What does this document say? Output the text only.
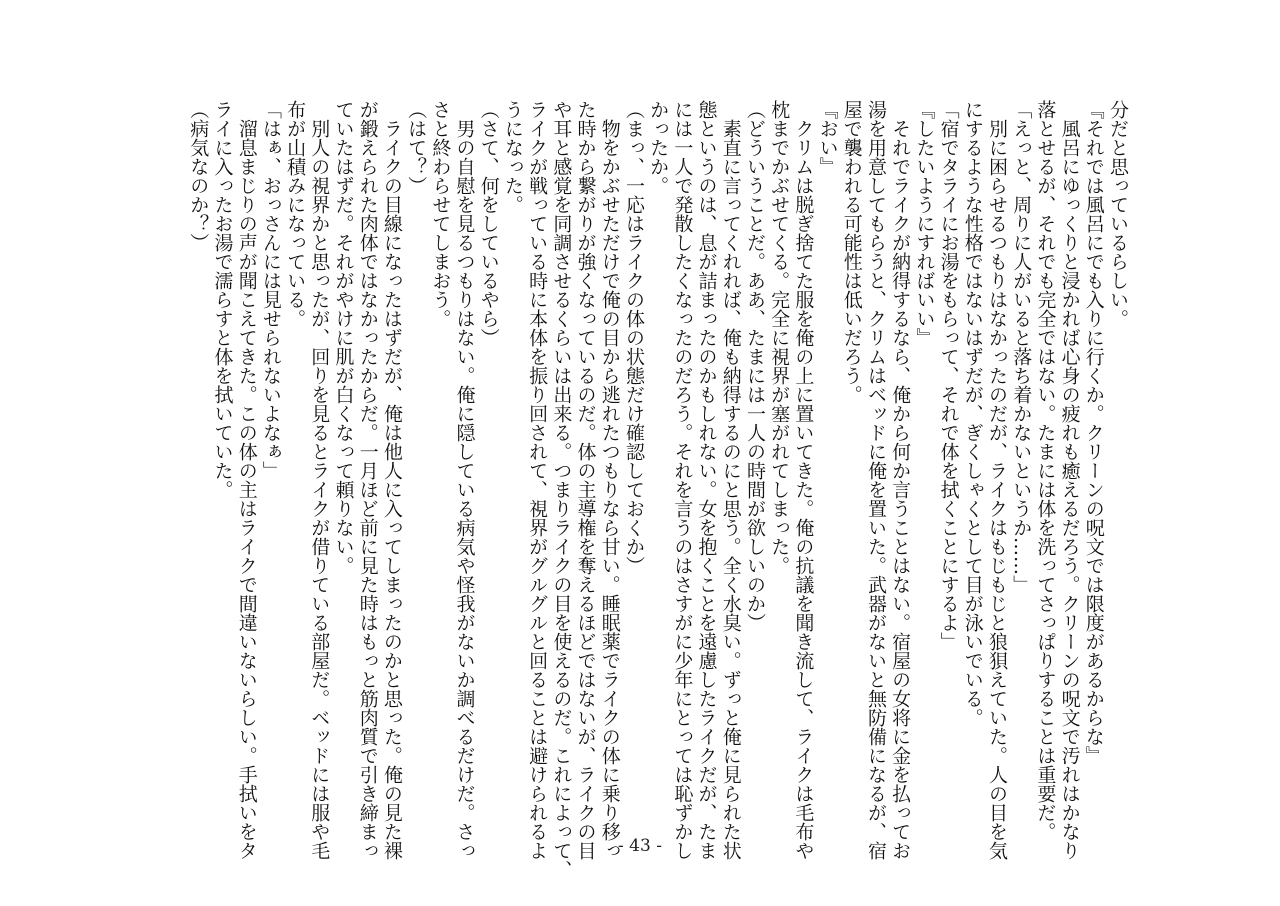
分だと思っているらしい。
『それでは風呂にでも入りに行くか。クリーンの呪文では限度があるからな』
　風呂にゆっくりと浸かれば心身の疲れも癒えるだろう。クリーンの呪文で汚れはかなり
落とせるが、それでも完全ではない。たまには体を洗ってさっぱりすることは重要だ。
「えっと、周りに人がいると落ち着かないというか……」
　別に困らせるつもりはなかったのだが、ライクはもじもじと狼狽えていた。人の目を気
にするような性格ではないはずだが、ぎくしゃくとして目が泳いでいる。
「宿でタライにお湯をもらって、それで体を拭くことにするよ」
『したいようにすればいい』
　それでライクが納得するなら、俺から何か言うことはない。宿屋の女将に金を払ってお
湯を用意してもらうと、クリムはベッドに俺を置いた。武器がないと無防備になるが、宿
屋で襲われる可能性は低いだろう。
『おい』
　クリムは脱ぎ捨てた服を俺の上に置いてきた。俺の抗議を聞き流して、ライクは毛布や
枕までかぶせてくる。完全に視界が塞がれてしまった。
（どういうことだ。ああ、たまには一人の時間が欲しいのか）
　素直に言ってくれれば、俺も納得するのにと思う。全く水臭い。ずっと俺に見られた状
態というのは、息が詰まったのかもしれない。女を抱くことを遠慮したライクだが、たま
には一人で発散したくなったのだろう。それを言うのはさすがに少年にとっては恥ずかし
かったか。
（まっ、一応はライクの体の状態だけ確認しておくか）
　物をかぶせただけで俺の目から逃れたつもりなら甘い。睡眠薬でライクの体に乗り移っ
た時から繋がりが強くなっているのだ。体の主導権を奪えるほどではないが、ライクの目
や耳と感覚を同調させるくらいは出来る。つまりライクの目を使えるのだ。これによって、
ライクが戦っている時に本体を振り回されて、視界がグルグルと回ることは避けられるよ
うになった。
（さて、何をしているやら）
　男の自慰を見るつもりはない。俺に隠している病気や怪我がないか調べるだけだ。さっ
さと終わらせてしまおう。
（はて？）
　ライクの目線になったはずだが、俺は他人に入ってしまったのかと思った。俺の見た裸
が鍛えられた肉体ではなかったからだ。一月ほど前に見た時はもっと筋肉質で引き締まっ
ていたはずだ。それがやけに肌が白くなって頼りない。
　別人の視界かと思ったが、回りを見るとライクが借りている部屋だ。ベッドには服や毛
布が山積みになっている。
「はぁ、おっさんには見せられないよなぁ」
　溜息まじりの声が聞こえてきた。この体の主はライクで間違いないらしい。手拭いをタ
ライに入ったお湯で濡らすと体を拭いていた。
（病気なのか？）
- 43 -
